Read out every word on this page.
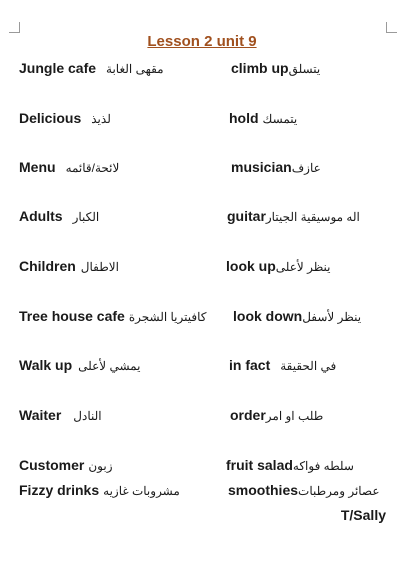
Lesson 2 unit 9
Jungle cafe مقهى الغابة	climb upيتسلق
Delicious لذيذ	hold يتمسك
Menu لائحة/قائمه	musicianعازف
Adults الكبار	guitarاله موسيقية الجيتار
Children الاطفال	look upينظر لأعلى
Tree house cafe كافيتريا الشجرة look downينظر لأسفل
Walk up يمشي لأعلى	in fact في الحقيقة
Waiter النادل	orderطلب او امر
Customer زبون	fruit saladسلطه فواكه
Fizzy drinks مشروبات غازيه	smoothiesعصائر ومرطبات
T/Sally
